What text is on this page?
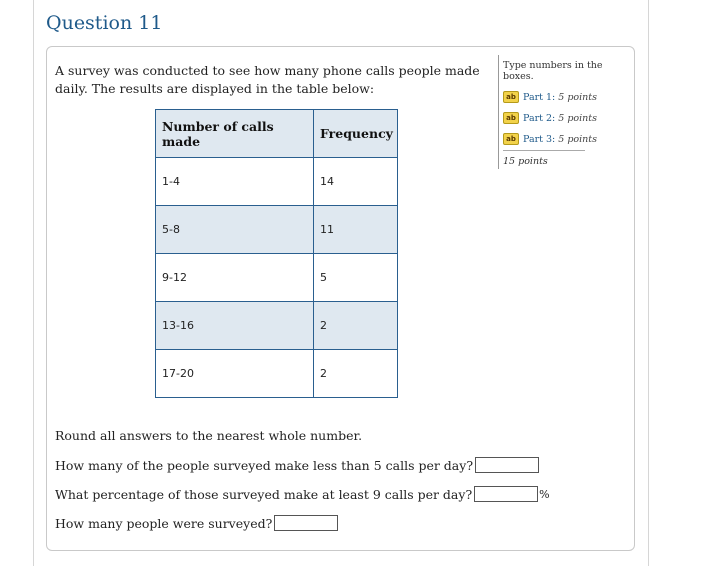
Question 11
A survey was conducted to see how many phone calls people made daily. The results are displayed in the table below:
Type numbers in the boxes.
ab Part 1: 5 points
ab Part 2: 5 points
ab Part 3: 5 points
15 points
Number of calls made	Frequency
1-4	14
5-8	11
9-12	5
13-16	2
17-20	2
Round all answers to the nearest whole number.
How many of the people surveyed make less than 5 calls per day?
What percentage of those surveyed make at least 9 calls per day?	%
How many people were surveyed?
